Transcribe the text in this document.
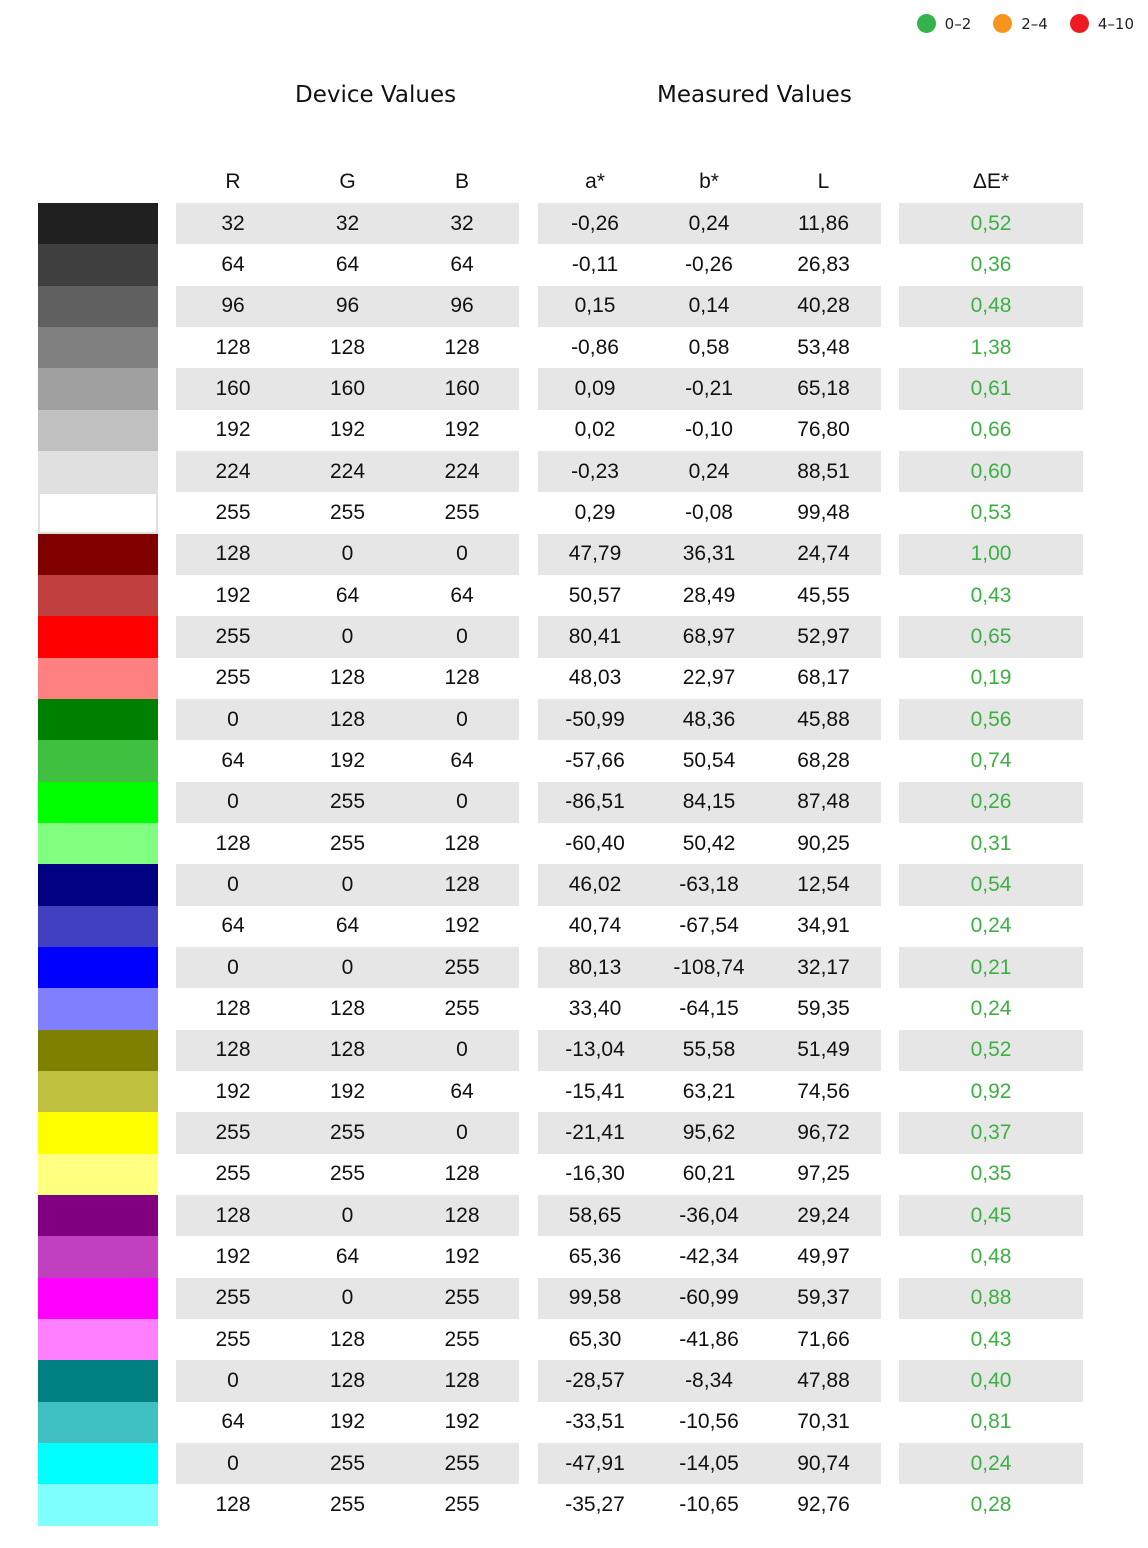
0–2	2–4	4–10
Device Values	Measured Values
R	G	B	a*	b*	L	ΔE*
32	32	32	-0,26	0,24	11,86	0,52
64	64	64	-0,11	-0,26	26,83	0,36
96	96	96	0,15	0,14	40,28	0,48
128	128	128	-0,86	0,58	53,48	1,38
160	160	160	0,09	-0,21	65,18	0,61
192	192	192	0,02	-0,10	76,80	0,66
224	224	224	-0,23	0,24	88,51	0,60
255	255	255	0,29	-0,08	99,48	0,53
128	0	0	47,79	36,31	24,74	1,00
192	64	64	50,57	28,49	45,55	0,43
255	0	0	80,41	68,97	52,97	0,65
255	128	128	48,03	22,97	68,17	0,19
0	128	0	-50,99	48,36	45,88	0,56
64	192	64	-57,66	50,54	68,28	0,74
0	255	0	-86,51	84,15	87,48	0,26
128	255	128	-60,40	50,42	90,25	0,31
0	0	128	46,02	-63,18	12,54	0,54
64	64	192	40,74	-67,54	34,91	0,24
0	0	255	80,13	-108,74	32,17	0,21
128	128	255	33,40	-64,15	59,35	0,24
128	128	0	-13,04	55,58	51,49	0,52
192	192	64	-15,41	63,21	74,56	0,92
255	255	0	-21,41	95,62	96,72	0,37
255	255	128	-16,30	60,21	97,25	0,35
128	0	128	58,65	-36,04	29,24	0,45
192	64	192	65,36	-42,34	49,97	0,48
255	0	255	99,58	-60,99	59,37	0,88
255	128	255	65,30	-41,86	71,66	0,43
0	128	128	-28,57	-8,34	47,88	0,40
64	192	192	-33,51	-10,56	70,31	0,81
0	255	255	-47,91	-14,05	90,74	0,24
128	255	255	-35,27	-10,65	92,76	0,28
